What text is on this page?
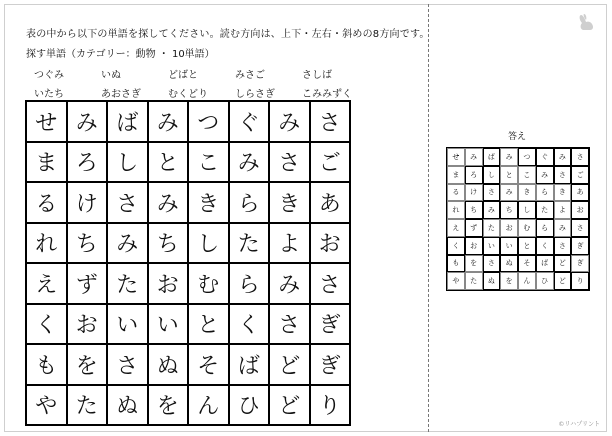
表の中から以下の単語を探してください。読む方向は、上下・左右・斜めの8方向です。
探す単語（カテゴリー：動物 ・ 10単語）
つぐみ	いぬ	どばと	みさご	さしば
いたち	あおさぎ	むくどり	しらさぎ	こみみずく
せ み ば み つ ぐ み さ
ま ろ し と こ み さ ご
る け さ み き ら き あ
れ ち み ち し た よ お
え ず た お む ら み さ
く お い い と く さ ぎ
も を さ ぬ そ ば ど ぎ
や た ぬ を ん ひ ど り
答え
せ	み	ば	み	つ	ぐ	み	さ
ま	ろ	し	と	こ	み	さ	ご
る	け	さ	み	き	ら	き	あ
れ	ち	み	ち	し	た	よ	お
え	ず	た	お	む	ら	み	さ
く	お	い	い	と	く	さ	ぎ
も	を	さ	ぬ	そ	ば	ど	ぎ
や	た	ぬ	を	ん	ひ	ど	り
©リハプリント
